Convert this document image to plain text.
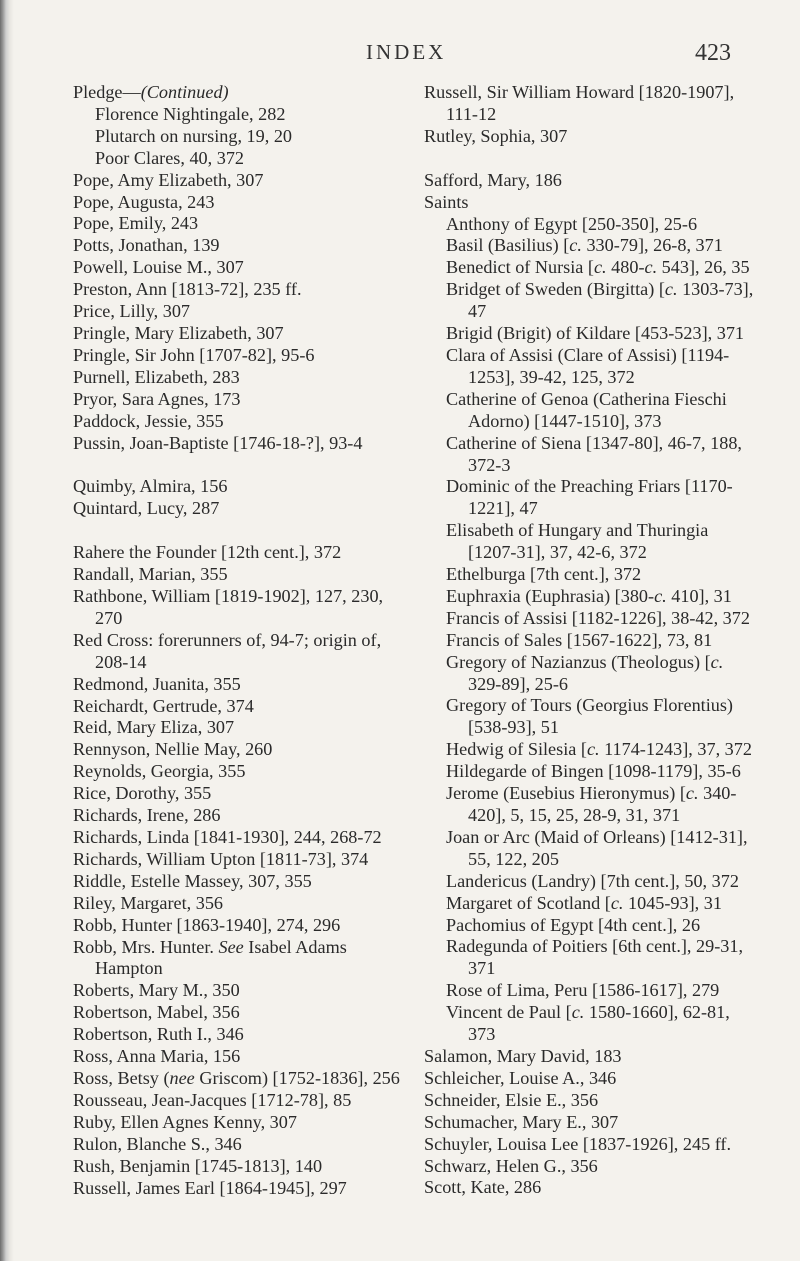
INDEX	423
Pledge—(Continued)
Florence Nightingale, 282
Plutarch on nursing, 19, 20
Poor Clares, 40, 372
Pope, Amy Elizabeth, 307
Pope, Augusta, 243
Pope, Emily, 243
Potts, Jonathan, 139
Powell, Louise M., 307
Preston, Ann [1813-72], 235 ff.
Price, Lilly, 307
Pringle, Mary Elizabeth, 307
Pringle, Sir John [1707-82], 95-6
Purnell, Elizabeth, 283
Pryor, Sara Agnes, 173
Paddock, Jessie, 355
Pussin, Joan-Baptiste [1746-18-?], 93-4
Quimby, Almira, 156
Quintard, Lucy, 287
Rahere the Founder [12th cent.], 372
Randall, Marian, 355
Rathbone, William [1819-1902], 127, 230, 270
Red Cross: forerunners of, 94-7; origin of, 208-14
Redmond, Juanita, 355
Reichardt, Gertrude, 374
Reid, Mary Eliza, 307
Rennyson, Nellie May, 260
Reynolds, Georgia, 355
Rice, Dorothy, 355
Richards, Irene, 286
Richards, Linda [1841-1930], 244, 268-72
Richards, William Upton [1811-73], 374
Riddle, Estelle Massey, 307, 355
Riley, Margaret, 356
Robb, Hunter [1863-1940], 274, 296
Robb, Mrs. Hunter. See Isabel Adams Hampton
Roberts, Mary M., 350
Robertson, Mabel, 356
Robertson, Ruth I., 346
Ross, Anna Maria, 156
Ross, Betsy (nee Griscom) [1752-1836], 256
Rousseau, Jean-Jacques [1712-78], 85
Ruby, Ellen Agnes Kenny, 307
Rulon, Blanche S., 346
Rush, Benjamin [1745-1813], 140
Russell, James Earl [1864-1945], 297
Russell, Sir William Howard [1820-1907], 111-12
Rutley, Sophia, 307
Safford, Mary, 186
Saints
Anthony of Egypt [250-350], 25-6
Basil (Basilius) [c. 330-79], 26-8, 371
Benedict of Nursia [c. 480-c. 543], 26, 35
Bridget of Sweden (Birgitta) [c. 1303-73], 47
Brigid (Brigit) of Kildare [453-523], 371
Clara of Assisi (Clare of Assisi) [1194-1253], 39-42, 125, 372
Catherine of Genoa (Catherina Fieschi Adorno) [1447-1510], 373
Catherine of Siena [1347-80], 46-7, 188, 372-3
Dominic of the Preaching Friars [1170-1221], 47
Elisabeth of Hungary and Thuringia [1207-31], 37, 42-6, 372
Ethelburga [7th cent.], 372
Euphraxia (Euphrasia) [380-c. 410], 31
Francis of Assisi [1182-1226], 38-42, 372
Francis of Sales [1567-1622], 73, 81
Gregory of Nazianzus (Theologus) [c. 329-89], 25-6
Gregory of Tours (Georgius Florentius) [538-93], 51
Hedwig of Silesia [c. 1174-1243], 37, 372
Hildegarde of Bingen [1098-1179], 35-6
Jerome (Eusebius Hieronymus) [c. 340-420], 5, 15, 25, 28-9, 31, 371
Joan or Arc (Maid of Orleans) [1412-31], 55, 122, 205
Landericus (Landry) [7th cent.], 50, 372
Margaret of Scotland [c. 1045-93], 31
Pachomius of Egypt [4th cent.], 26
Radegunda of Poitiers [6th cent.], 29-31, 371
Rose of Lima, Peru [1586-1617], 279
Vincent de Paul [c. 1580-1660], 62-81, 373
Salamon, Mary David, 183
Schleicher, Louise A., 346
Schneider, Elsie E., 356
Schumacher, Mary E., 307
Schuyler, Louisa Lee [1837-1926], 245 ff.
Schwarz, Helen G., 356
Scott, Kate, 286
